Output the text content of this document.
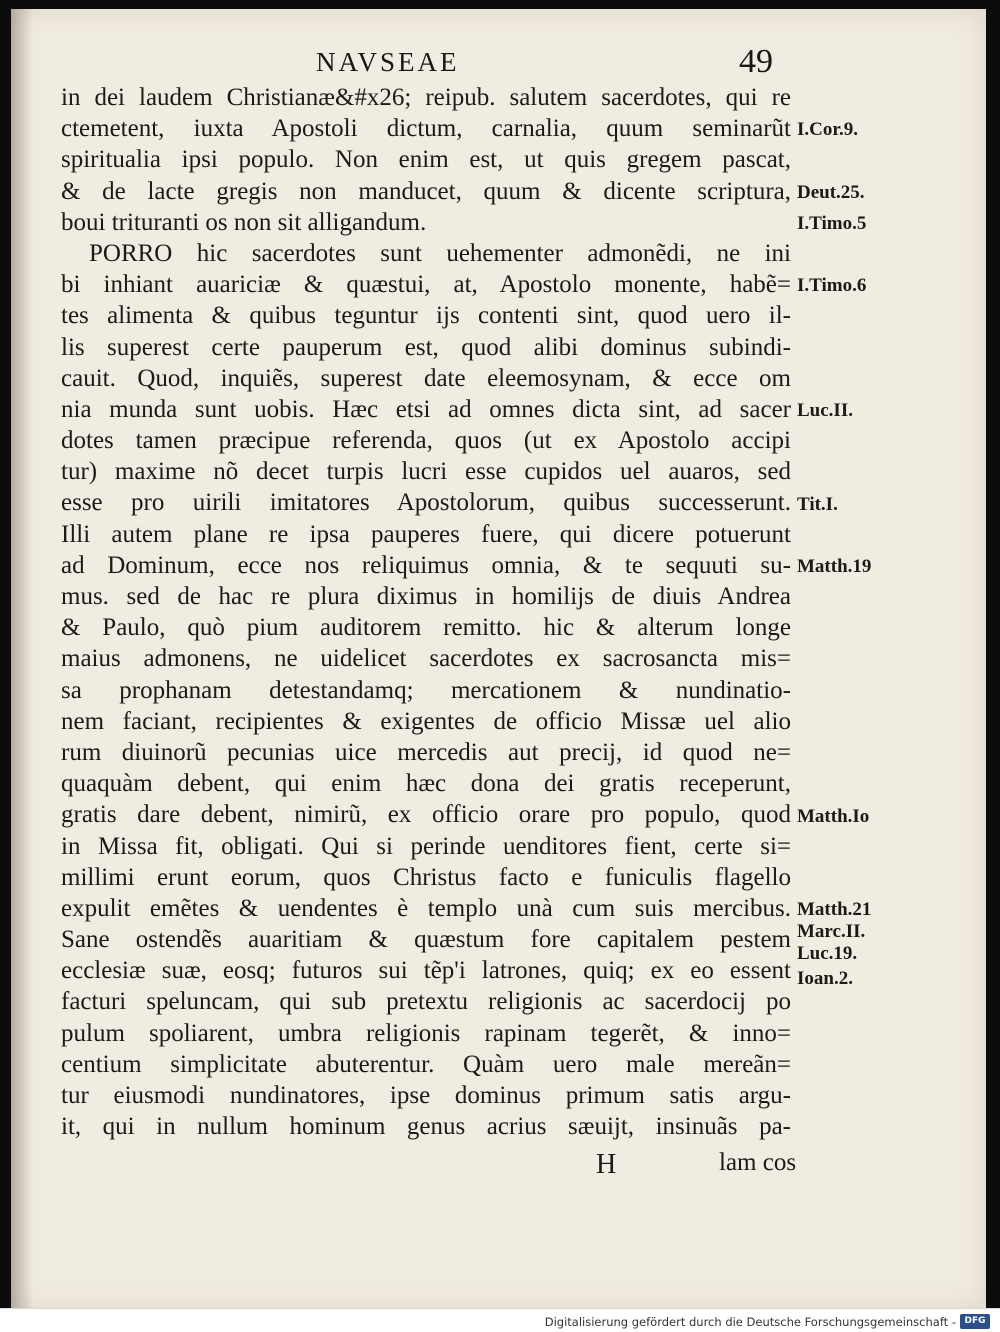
NAVSEAE	49
in dei laudem Christianæ&#x26; reipub. salutem sacerdotes, qui re
ctemetent, iuxta Apostoli dictum, carnalia, quum seminarũt
spiritualia ipsi populo. Non enim est, ut quis gregem pascat,
& de lacte gregis non manducet, quum & dicente scriptura,
boui trituranti os non sit alligandum.
PORRO hic sacerdotes sunt uehementer admonẽdi, ne ini
bi inhiant auariciæ & quæstui, at, Apostolo monente, habẽ=
tes alimenta & quibus teguntur ijs contenti sint, quod uero il-
lis superest certe pauperum est, quod alibi dominus subindi-
cauit. Quod, inquiẽs, superest date eleemosynam, & ecce om
nia munda sunt uobis. Hæc etsi ad omnes dicta sint, ad sacer
dotes tamen præcipue referenda, quos (ut ex Apostolo accipi
tur) maxime nõ decet turpis lucri esse cupidos uel auaros, sed
esse pro uirili imitatores Apostolorum, quibus successerunt.
Illi autem plane re ipsa pauperes fuere, qui dicere potuerunt
ad Dominum, ecce nos reliquimus omnia, & te sequuti su-
mus. sed de hac re plura diximus in homilijs de diuis Andrea
& Paulo, quò pium auditorem remitto. hic & alterum longe
maius admonens, ne uidelicet sacerdotes ex sacrosancta mis=
sa prophanam detestandamq; mercationem & nundinatio-
nem faciant, recipientes & exigentes de officio Missæ uel alio
rum diuinorũ pecunias uice mercedis aut precij, id quod ne=
quaquàm debent, qui enim hæc dona dei gratis receperunt,
gratis dare debent, nimirũ, ex officio orare pro populo, quod
in Missa fit, obligati. Qui si perinde uenditores fient, certe si=
millimi erunt eorum, quos Christus facto e funiculis flagello
expulit emẽtes & uendentes è templo unà cum suis mercibus.
Sane ostendẽs auaritiam & quæstum fore capitalem pestem
ecclesiæ suæ, eosq; futuros sui tẽp'i latrones, quiq; ex eo essent
facturi speluncam, qui sub pretextu religionis ac sacerdocij po
pulum spoliarent, umbra religionis rapinam tegerẽt, & inno=
centium simplicitate abuterentur. Quàm uero male mereãn=
tur eiusmodi nundinatores, ipse dominus primum satis argu-
it, qui in nullum hominum genus acrius sæuijt, insinuãs pa-
I.Cor.9.
Deut.25.
I.Timo.5
I.Timo.6
Luc.II.
Tit.I.
Matth.19
Matth.Io
Matth.21
Marc.II.
Luc.19.
Ioan.2.
H	lam cos
Digitalisierung gefördert durch die Deutsche Forschungsgemeinschaft - DFG
